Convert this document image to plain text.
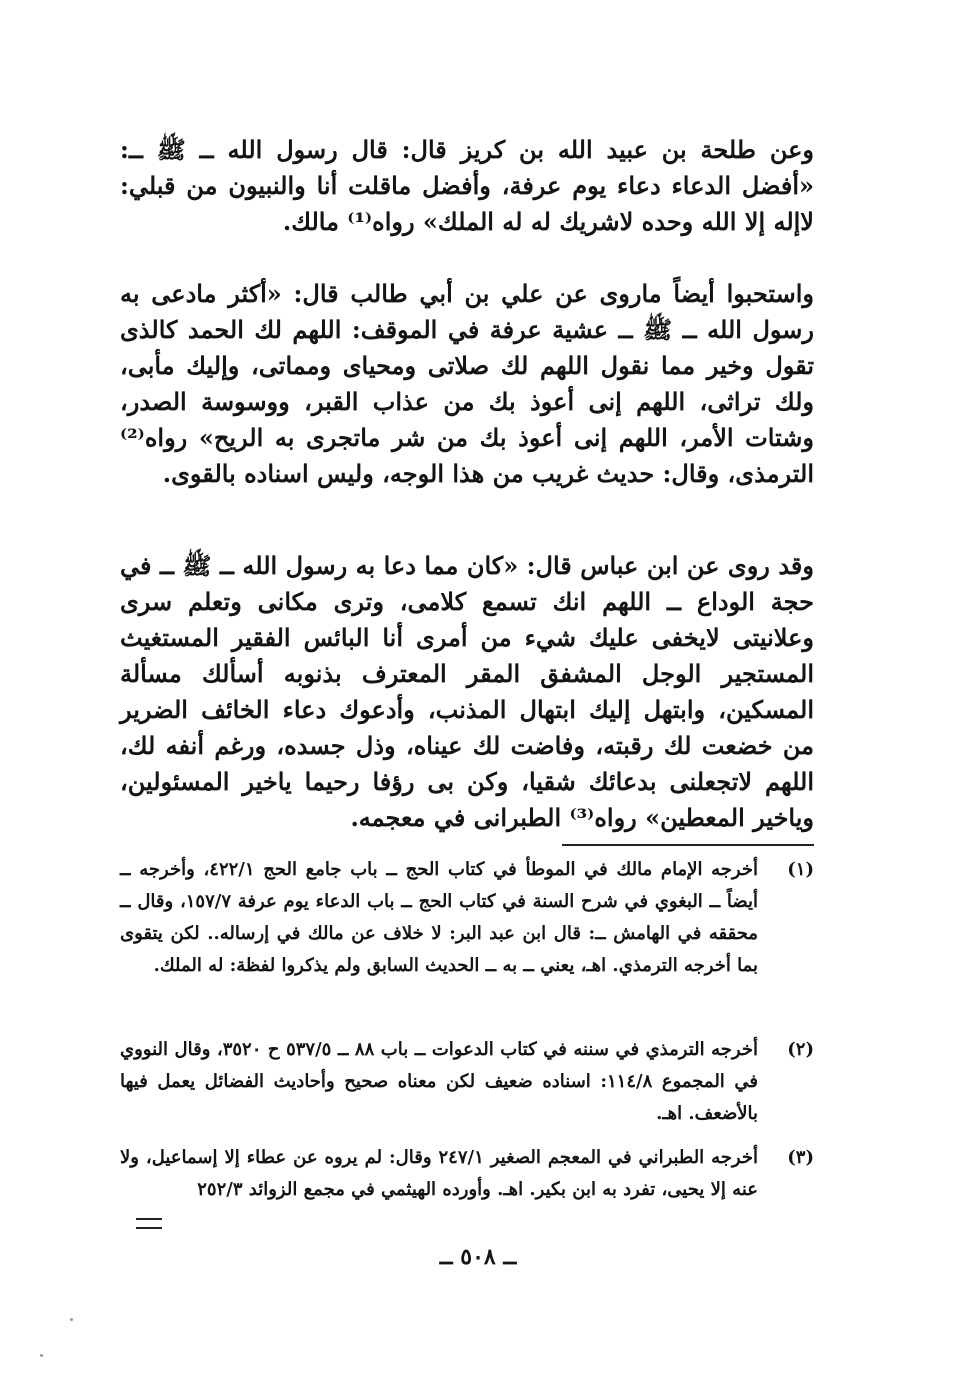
وعن طلحة بن عبيد الله بن كريز قال: قال رسول الله ــ ﷺ ــ: «أفضل الدعاء دعاء يوم عرفة، وأفضل ماقلت أنا والنبيون من قبلي: لاإله إلا الله وحده لاشريك له له الملك» رواه⁽¹⁾ مالك.

واستحبوا أيضاً ماروى عن علي بن أبي طالب قال: «أكثر مادعى به رسول الله ــ ﷺ ــ عشية عرفة في الموقف: اللهم لك الحمد كالذى تقول وخير مما نقول اللهم لك صلاتى ومحياى ومماتى، وإليك مأبى، ولك تراثى، اللهم إنى أعوذ بك من عذاب القبر، ووسوسة الصدر، وشتات الأمر، اللهم إنى أعوذ بك من شر ماتجرى به الريح» رواه⁽²⁾ الترمذى، وقال: حديث غريب من هذا الوجه، وليس اسناده بالقوى.

وقد روى عن ابن عباس قال: «كان مما دعا به رسول الله ــ ﷺ ــ في حجة الوداع ــ اللهم انك تسمع كلامى، وترى مكانى وتعلم سرى وعلانيتى لايخفى عليك شيء من أمرى أنا البائس الفقير المستغيث المستجير الوجل المشفق المقر المعترف بذنوبه أسألك مسألة المسكين، وابتهل إليك ابتهال المذنب، وأدعوك دعاء الخائف الضرير من خضعت لك رقبته، وفاضت لك عيناه، وذل جسده، ورغم أنفه لك، اللهم لاتجعلنى بدعائك شقيا، وكن بى رؤفا رحيما ياخير المسئولين، وياخير المعطين» رواه⁽³⁾ الطبرانى في معجمه.

(١)
أخرجه الإمام مالك في الموطأ في كتاب الحج ــ باب جامع الحج ٤٢٢/١، وأخرجه ــ أيضاً ــ البغوي في شرح السنة في كتاب الحج ــ باب الدعاء يوم عرفة ١٥٧/٧، وقال ــ محققه في الهامش ــ: قال ابن عبد البر: لا خلاف عن مالك في إرساله.. لكن يتقوى بما أخرجه الترمذي. اهـ، يعني ــ به ــ الحديث السابق ولم يذكروا لفظة: له الملك.
(٢)
أخرجه الترمذي في سننه في كتاب الدعوات ــ باب ٨٨ ــ ٥٣٧/٥ ح ٣٥٢٠، وقال النووي في المجموع ١١٤/٨: اسناده ضعيف لكن معناه صحيح وأحاديث الفضائل يعمل فيها بالأضعف. اهـ.
(٣)
أخرجه الطبراني في المعجم الصغير ٢٤٧/١ وقال: لم يروه عن عطاء إلا إسماعيل، ولا عنه إلا يحيى، تفرد به ابن بكير. اهـ. وأورده الهيثمي في مجمع الزوائد ٢٥٢/٣
ــ ٥٠٨ ــ
